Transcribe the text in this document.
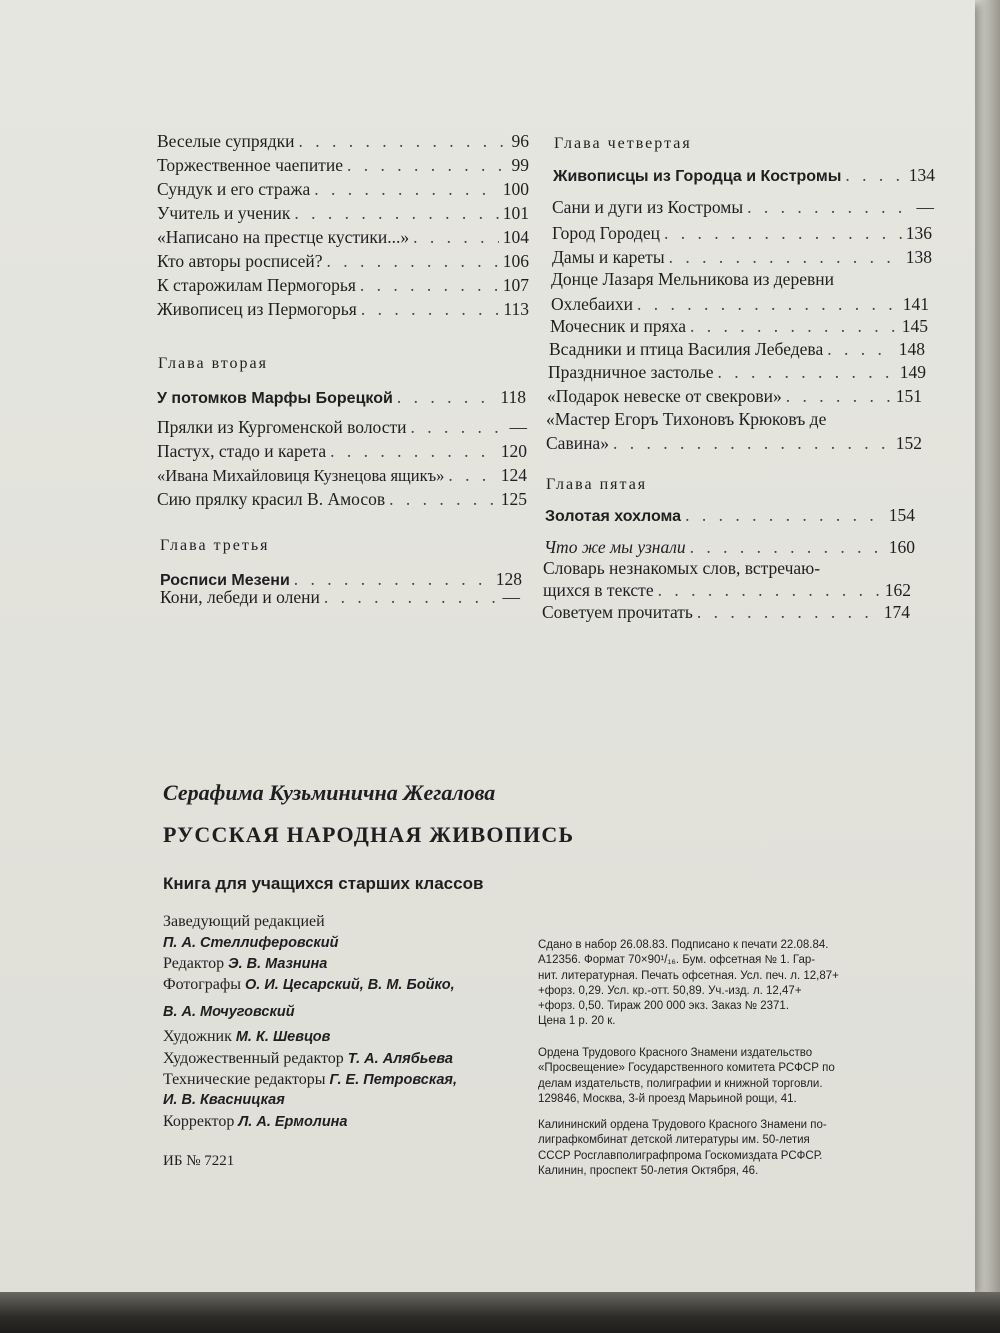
Веселые супрядки . . .	96
Торжественное чаепитие . . .	99
Сундук и его стража . . .	100
Учитель и ученик . . .	101
«Написано на престце кустики...» . . .	104
Кто авторы росписей? . . .	106
К старожилам Пермогорья . . .	107
Живописец из Пермогорья . . .	113
Глава вторая
У потомков Марфы Борецкой . . .	118
Прялки из Кургоменской волости . . .	—
Пастух, стадо и карета . . .	120
«Ивана Михайловиця Кузнецова ящикъ» . . .	124
Сию прялку красил В. Амосов . . .	125
Глава третья
Росписи Мезени . . .	128
Кони, лебеди и олени . . .	—
Глава четвертая
Живописцы из Городца и Костромы . . .	134
Сани и дуги из Костромы . . .	—
Город Городец . . .	136
Дамы и кареты . . .	138
Донце Лазаря Мельникова из деревни
Охлебаихи . . .	141
Мочесник и пряха . . .	145
Всадники и птица Василия Лебедева . . .	148
Праздничное застолье . . .	149
«Подарок невеске от свекрови» . . .	151
«Мастер Егоръ Тихоновъ Крюковъ де
Савина» . . .	152
Глава пятая
Золотая хохлома . . .	154
Что же мы узнали . . .	160
Словарь незнакомых слов, встречаю-
щихся в тексте . . .	162
Советуем прочитать . . .	174
Серафима Кузьминична Жегалова
РУССКАЯ НАРОДНАЯ ЖИВОПИСЬ
Книга для учащихся старших классов
Заведующий редакцией
П. А. Стеллиферовский
Редактор Э. В. Мазнина
Фотографы О. И. Цесарский, В. М. Бойко,
В. А. Мочуговский
Художник М. К. Шевцов
Художественный редактор Т. А. Алябьева
Технические редакторы Г. Е. Петровская,
И. В. Квасницкая
Корректор Л. А. Ермолина
ИБ № 7221
Сдано в набор 26.08.83. Подписано к печати 22.08.84.
А12356. Формат 70×90¹/₁₆. Бум. офсетная № 1. Гар-
нит. литературная. Печать офсетная. Усл. печ. л. 12,87+
+форз. 0,29. Усл. кр.-отт. 50,89. Уч.-изд. л. 12,47+
+форз. 0,50. Тираж 200 000 экз. Заказ № 2371.
Цена 1 р. 20 к.
Ордена Трудового Красного Знамени издательство
«Просвещение» Государственного комитета РСФСР по
делам издательств, полиграфии и книжной торговли.
129846, Москва, 3-й проезд Марьиной рощи, 41.
Калининский ордена Трудового Красного Знамени по-
лиграфкомбинат детской литературы им. 50-летия
СССР Росглавполиграфпрома Госкомиздата РСФСР.
Калинин, проспект 50-летия Октября, 46.
